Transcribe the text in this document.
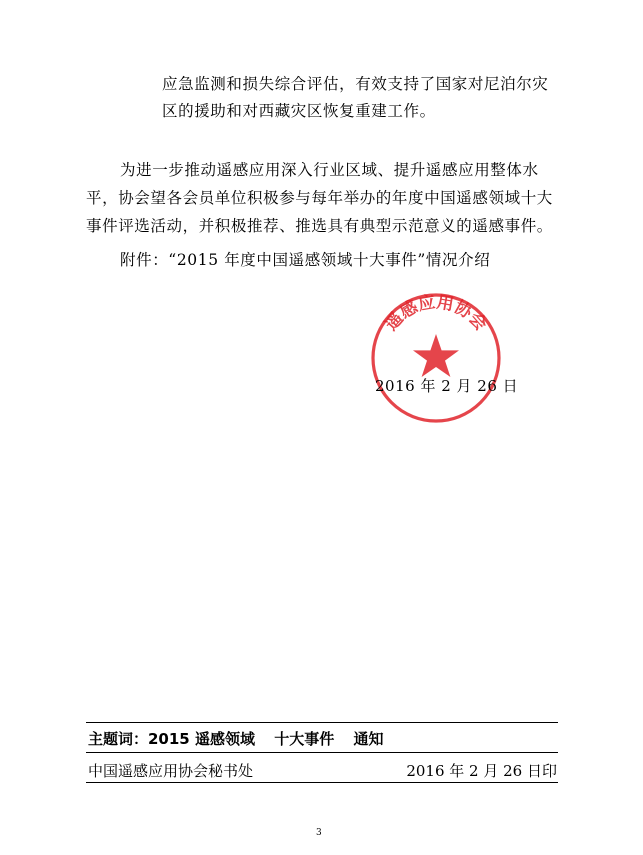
应急监测和损失综合评估，有效支持了国家对尼泊尔灾
区的援助和对西藏灾区恢复重建工作。
为进一步推动遥感应用深入行业区域、提升遥感应用整体水
平，协会望各会员单位积极参与每年举办的年度中国遥感领域十大
事件评选活动，并积极推荐、推选具有典型示范意义的遥感事件。
附件：“2015 年度中国遥感领域十大事件”情况介绍
遥感应用协会
2016 年 2 月 26 日
主题词：2015 遥感领域 十大事件 通知
中国遥感应用协会秘书处	2016 年 2 月 26 日印
3
